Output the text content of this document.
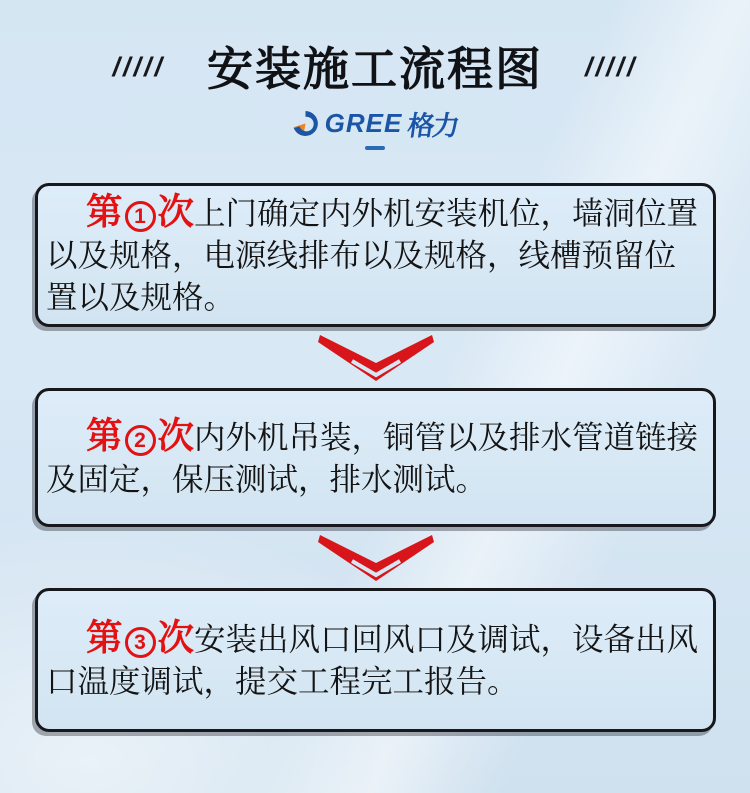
///// 安装施工流程图 /////
GREE 格力

第 1 次上门确定内外机安装机位，墙洞位置以及规格，电源线排布以及规格，线槽预留位置以及规格。

第 2 次内外机吊装，铜管以及排水管道链接及固定，保压测试，排水测试。

第 3 次安装出风口回风口及调试，设备出风口温度调试，提交工程完工报告。
